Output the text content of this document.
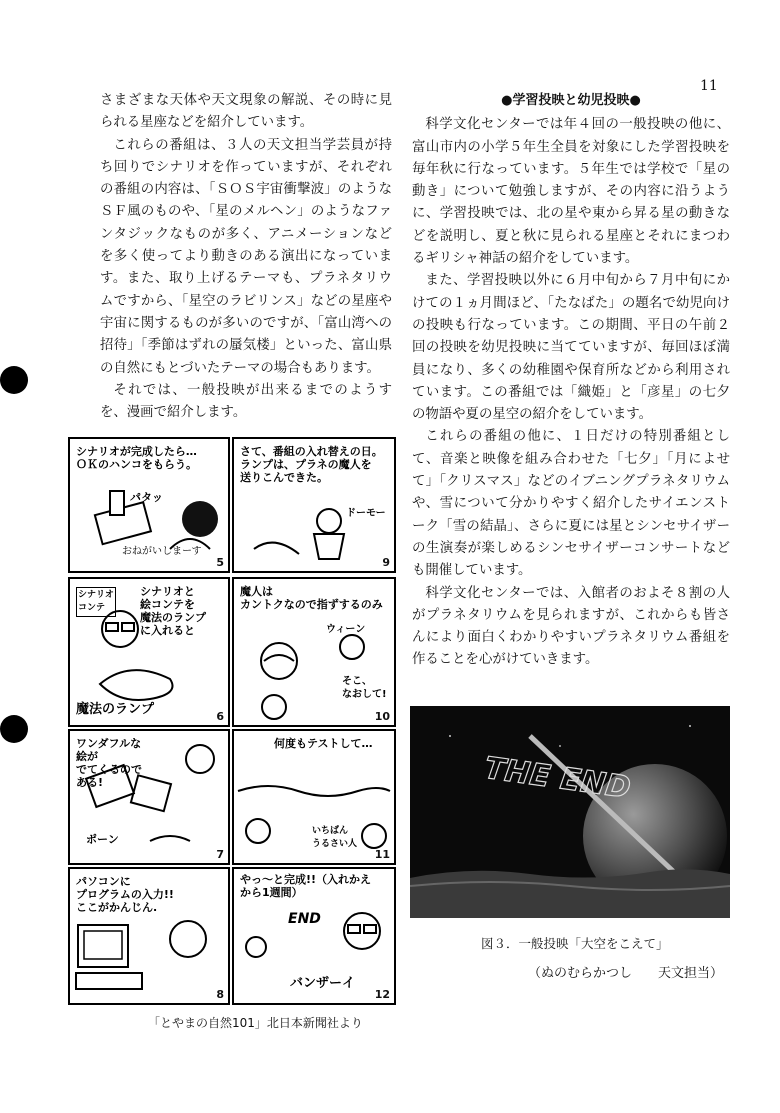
11

さまざまな天体や天文現象の解説、その時に見られる星座などを紹介しています。

これらの番組は、３人の天文担当学芸員が持ち回りでシナリオを作っていますが、それぞれの番組の内容は、「ＳＯＳ宇宙衝撃波」のようなＳＦ風のものや、「星のメルヘン」のようなファンタジックなものが多く、アニメーションなどを多く使ってより動きのある演出になっています。また、取り上げるテーマも、プラネタリウムですから、「星空のラビリンス」などの星座や宇宙に関するものが多いのですが、「富山湾への招待」「季節はずれの蜃気楼」といった、富山県の自然にもとづいたテーマの場合もあります。

それでは、一般投映が出来るまでのようすを、漫画で紹介します。

●学習投映と幼児投映●

科学文化センターでは年４回の一般投映の他に、富山市内の小学５年生全員を対象にした学習投映を毎年秋に行なっています。５年生では学校で「星の動き」について勉強しますが、その内容に沿うように、学習投映では、北の星や東から昇る星の動きなどを説明し、夏と秋に見られる星座とそれにまつわるギリシャ神話の紹介をしています。

また、学習投映以外に６月中旬から７月中旬にかけての１ヵ月間ほど、「たなばた」の題名で幼児向けの投映も行なっています。この期間、平日の午前２回の投映を幼児投映に当てていますが、毎回ほぼ満員になり、多くの幼稚園や保育所などから利用されています。この番組では「織姫」と「彦星」の七夕の物語や夏の星空の紹介をしています。

これらの番組の他に、１日だけの特別番組として、音楽と映像を組み合わせた「七夕」「月によせて」「クリスマス」などのイブニングプラネタリウムや、雪について分かりやすく紹介したサイエンストーク「雪の結晶」、さらに夏には星とシンセサイザーの生演奏が楽しめるシンセサイザーコンサートなども開催しています。

科学文化センターでは、入館者のおよそ８割の人がプラネタリウムを見られますが、これからも皆さんにより面白くわかりやすいプラネタリウム番組を作ることを心がけていきます。

シナリオが完成したら…
ＯＫのハンコをもらう。
パタッ
おねがいしまーす
5
さて、番組の入れ替えの日。
ランプは、プラネの魔人を
送りこんできた。
ドーモー
9
シナリオと
絵コンテを
魔法のランプ
に入れると
シナリオ
コンテ
魔法のランプ	6
魔人は
カントクなので指ずするのみ
ウィーン
そこ、
なおして!
10
ワンダフルな
絵が
でてくるので
ある!
ポーン
7
何度もテストして…
いちばん
うるさい人
11
パソコンに
プログラムの入力!!
ここがかんじん.
8
やっ～と完成!!（入れかえ
から1週間）
END
バンザーイ
12
「とやまの自然101」北日本新聞社より
THE END
図３．一般投映「大空をこえて」
（ぬのむらかつし　　天文担当）
